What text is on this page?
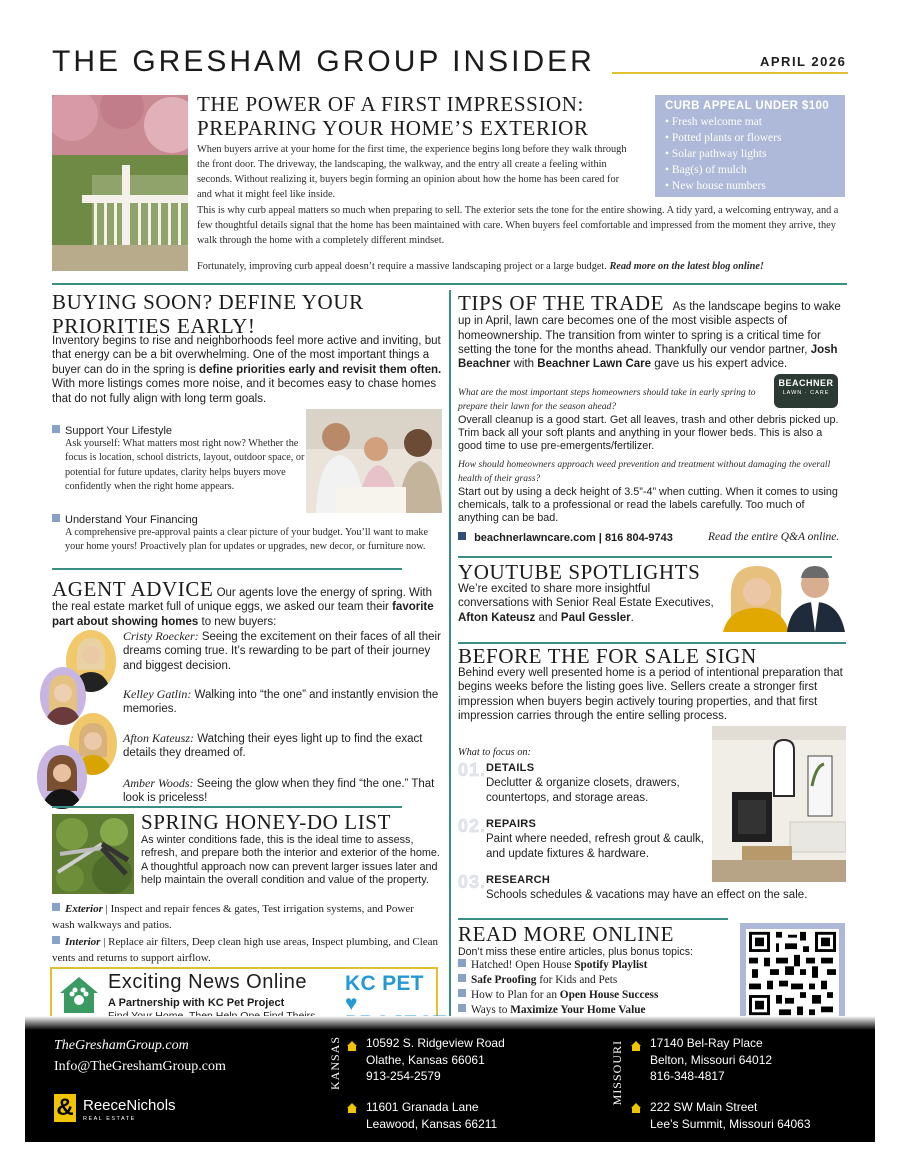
THE GRESHAM GROUP INSIDER	APRIL 2026
THE POWER OF A FIRST IMPRESSION:
PREPARING YOUR HOME’S EXTERIOR
When buyers arrive at your home for the first time, the experience begins long before they walk through the front door. The driveway, the landscaping, the walkway, and the entry all create a feeling within seconds. Without realizing it, buyers begin forming an opinion about how the home has been cared for and what it might feel like inside.
This is why curb appeal matters so much when preparing to sell. The exterior sets the tone for the entire showing. A tidy yard, a welcoming entryway, and a few thoughtful details signal that the home has been maintained with care. When buyers feel comfortable and impressed from the moment they arrive, they walk through the home with a completely different mindset.
Fortunately, improving curb appeal doesn’t require a massive landscaping project or a large budget. Read more on the latest blog online!
CURB APPEAL UNDER $100
• Fresh welcome mat
• Potted plants or flowers
• Solar pathway lights
• Bag(s) of mulch
• New house numbers
BUYING SOON? DEFINE YOUR
PRIORITIES EARLY!
Inventory begins to rise and neighborhoods feel more active and inviting, but that energy can be a bit overwhelming. One of the most important things a buyer can do in the spring is define priorities early and revisit them often. With more listings comes more noise, and it becomes easy to chase homes that do not fully align with long term goals.
Support Your Lifestyle
Ask yourself: What matters most right now? Whether the focus is location, school districts, layout, outdoor space, or potential for future updates, clarity helps buyers move confidently when the right home appears.
Understand Your Financing
A comprehensive pre-approval paints a clear picture of your budget. You’ll want to make your home yours! Proactively plan for updates or upgrades, new decor, or furniture now.
AGENT ADVICE Our agents love the energy of spring. With the real estate market full of unique eggs, we asked our team their favorite part about showing homes to new buyers:
Cristy Roecker: Seeing the excitement on their faces of all their dreams coming true. It’s rewarding to be part of their journey and biggest decision.
Kelley Gatlin: Walking into “the one” and instantly envision the memories.
Afton Kateusz: Watching their eyes light up to find the exact details they dreamed of.
Amber Woods: Seeing the glow when they find “the one.” That look is priceless!
SPRING HONEY-DO LIST
As winter conditions fade, this is the ideal time to assess, refresh, and prepare both the interior and exterior of the home. A thoughtful approach now can prevent larger issues later and help maintain the overall condition and value of the property.
Exterior | Inspect and repair fences & gates, Test irrigation systems, and Power wash walkways and patios.
Interior | Replace air filters, Deep clean high use areas, Inspect plumbing, and Clean vents and returns to support airflow.
Exciting News Online
A Partnership with KC Pet Project
KC PET ♥
TIPS OF THE TRADE As the landscape begins to wake up in April, lawn care becomes one of the most visible aspects of homeownership. The transition from winter to spring is a critical time for setting the tone for the months ahead. Thankfully our vendor partner, Josh Beachner with Beachner Lawn Care gave us his expert advice.
BEACHNER
LAWN · CARE
What are the most important steps homeowners should take in early spring to prepare their lawn for the season ahead?
Overall cleanup is a good start. Get all leaves, trash and other debris picked up. Trim back all your soft plants and anything in your flower beds. This is also a good time to use pre-emergents/fertilizer.
How should homeowners approach weed prevention and treatment without damaging the overall health of their grass?
Start out by using a deck height of 3.5”-4” when cutting. When it comes to using chemicals, talk to a professional or read the labels carefully. Too much of anything can be bad.
beachnerlawncare.com | 816 804-9743	Read the entire Q&A online.
YOUTUBE SPOTLIGHTS
We’re excited to share more insightful conversations with Senior Real Estate Executives, Afton Kateusz and Paul Gessler.
BEFORE THE FOR SALE SIGN
Behind every well presented home is a period of intentional preparation that begins weeks before the listing goes live. Sellers create a stronger first impression when buyers begin actively touring properties, and that first impression carries through the entire selling process.
What to focus on:
01. DETAILS
Declutter & organize closets, drawers, countertops, and storage areas.
02. REPAIRS
Paint where needed, refresh grout & caulk, and update fixtures & hardware.
03. RESEARCH
Schools schedules & vacations may have an effect on the sale.
READ MORE ONLINE
Don’t miss these entire articles, plus bonus topics:
Hatched! Open House Spotify Playlist
Safe Proofing for Kids and Pets
How to Plan for an Open House Success
Ways to Maximize Your Home Value
TheGreshamGroup.com
Info@TheGreshamGroup.com
& ReeceNichols
REAL ESTATE
KANSAS	MISSOURI
10592 S. Ridgeview Road
Olathe, Kansas 66061
913-254-2579
11601 Granada Lane
Leawood, Kansas 66211
17140 Bel-Ray Place
Belton, Missouri 64012
816-348-4817
222 SW Main Street
Lee’s Summit, Missouri 64063
